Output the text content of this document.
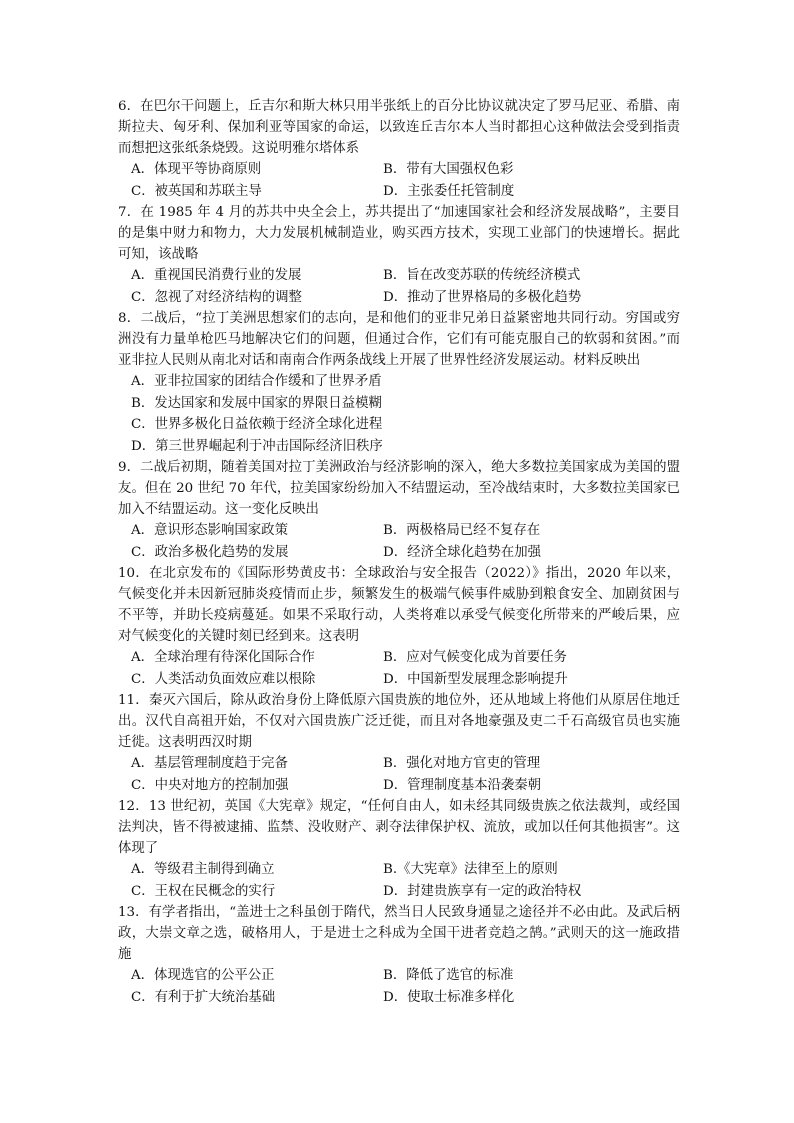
6．在巴尔干问题上，丘吉尔和斯大林只用半张纸上的百分比协议就决定了罗马尼亚、希腊、南斯拉夫、匈牙利、保加利亚等国家的命运，以致连丘吉尔本人当时都担心这种做法会受到指责而想把这张纸条烧毁。这说明雅尔塔体系

A．体现平等协商原则	B．带有大国强权色彩
C．被英国和苏联主导	D．主张委任托管制度

7．在 1985 年 4 月的苏共中央全会上，苏共提出了“加速国家社会和经济发展战略”，主要目的是集中财力和物力，大力发展机械制造业，购买西方技术，实现工业部门的快速增长。据此可知，该战略

A．重视国民消费行业的发展	B．旨在改变苏联的传统经济模式
C．忽视了对经济结构的调整	D．推动了世界格局的多极化趋势

8．二战后，“拉丁美洲思想家们的志向，是和他们的亚非兄弟日益紧密地共同行动。穷国或穷洲没有力量单枪匹马地解决它们的问题，但通过合作，它们有可能克服自己的软弱和贫困。”而亚非拉人民则从南北对话和南南合作两条战线上开展了世界性经济发展运动。材料反映出

A．亚非拉国家的团结合作缓和了世界矛盾
B．发达国家和发展中国家的界限日益模糊
C．世界多极化日益依赖于经济全球化进程
D．第三世界崛起利于冲击国际经济旧秩序

9．二战后初期，随着美国对拉丁美洲政治与经济影响的深入，绝大多数拉美国家成为美国的盟友。但在 20 世纪 70 年代，拉美国家纷纷加入不结盟运动，至冷战结束时，大多数拉美国家已加入不结盟运动。这一变化反映出

A．意识形态影响国家政策	B．两极格局已经不复存在
C．政治多极化趋势的发展	D．经济全球化趋势在加强

10．在北京发布的《国际形势黄皮书：全球政治与安全报告（2022）》指出，2020 年以来，气候变化并未因新冠肺炎疫情而止步，频繁发生的极端气候事件威胁到粮食安全、加剧贫困与不平等，并助长疫病蔓延。如果不采取行动，人类将难以承受气候变化所带来的严峻后果，应对气候变化的关键时刻已经到来。这表明

A．全球治理有待深化国际合作	B．应对气候变化成为首要任务
C．人类活动负面效应难以根除	D．中国新型发展理念影响提升

11．秦灭六国后，除从政治身份上降低原六国贵族的地位外，还从地域上将他们从原居住地迁出。汉代自高祖开始，不仅对六国贵族广泛迁徙，而且对各地豪强及吏二千石高级官员也实施迁徙。这表明西汉时期

A．基层管理制度趋于完备	B．强化对地方官吏的管理
C．中央对地方的控制加强	D．管理制度基本沿袭秦朝

12．13 世纪初，英国《大宪章》规定，“任何自由人，如未经其同级贵族之依法裁判，或经国法判决，皆不得被逮捕、监禁、没收财产、剥夺法律保护权、流放，或加以任何其他损害”。这体现了

A．等级君主制得到确立	B.《大宪章》法律至上的原则
C．王权在民概念的实行	D．封建贵族享有一定的政治特权

13．有学者指出，“盖进士之科虽创于隋代，然当日人民致身通显之途径并不必由此。及武后柄政，大崇文章之选，破格用人，于是进士之科成为全国干进者竞趋之鹄。”武则天的这一施政措施

A．体现选官的公平公正	B．降低了选官的标准
C．有利于扩大统治基础	D．使取士标准多样化
